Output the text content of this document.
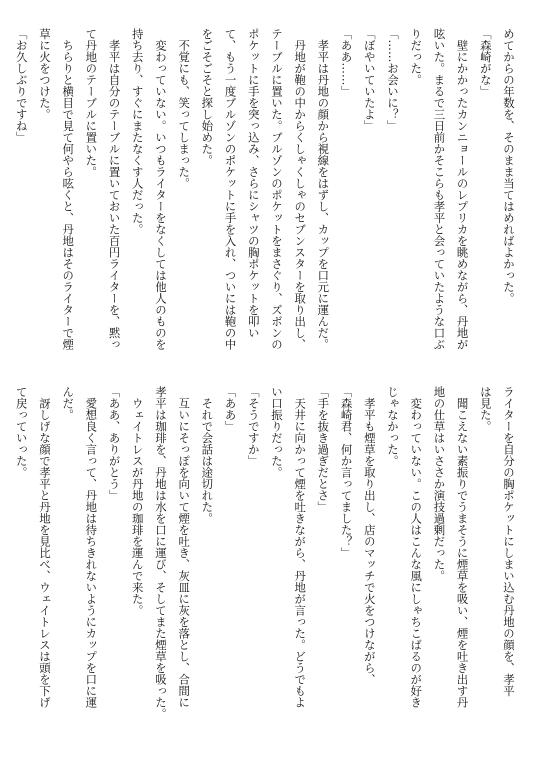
めてからの年数を、そのまま当てはめればよかった。
「森崎がな」
　壁にかかったカンニョールのレプリカを眺めながら、丹地が
呟いた。まるで三日前かそこらも孝平と会っていたような口ぶ
りだった。
「……お会いに？」
「ぼやいていたよ」
「ああ……」
　孝平は丹地の顔から視線をはずし、カップを口元に運んだ。
　丹地が鞄の中からくしゃくしゃのセブンスターを取り出し、
テーブルに置いた。ブルゾンのポケットをまさぐり、ズボンの
ポケットに手を突っ込み、さらにシャツの胸ポケットを叩い
て、もう一度ブルゾンのポケットに手を入れ、ついには鞄の中
をごそごそと探し始めた。
　不覚にも、笑ってしまった。
　変わっていない。いつもライターをなくしては他人のものを
持ち去り、すぐにまたなくす人だった。
　孝平は自分のテーブルに置いておいた百円ライターを、黙っ
て丹地のテーブルに置いた。
　ちらりと横目で見て何やら呟くと、丹地はそのライターで煙
草に火をつけた。
「お久しぶりですね」
ライターを自分の胸ポケットにしまい込む丹地の顔を、孝平
は見た。
　聞こえない素振りでうまそうに煙草を吸い、煙を吐き出す丹
地の仕草はいささか演技過剰だった。
　変わっていない。この人はこんな風にしゃちこばるのが好き
じゃなかった。
　孝平も煙草を取り出し、店のマッチで火をつけながら、
「森崎君、何か言ってました？」
「手を抜き過ぎだとさ」
　天井に向かって煙を吐きながら、丹地が言った。どうでもよ
い口振りだった。
「そうですか」
「ああ」
　それで会話は途切れた。
　互いにそっぽを向いて煙を吐き、灰皿に灰を落とし、合間に
孝平は珈琲を、丹地は水を口に運び、そしてまた煙草を吸った。
　ウェイトレスが丹地の珈琲を運んで来た。
「ああ、ありがとう」
　愛想良く言って、丹地は待ちきれないようにカップを口に運
んだ。
　訝しげな顔で孝平と丹地を見比べ、ウェイトレスは頭を下げ
て戻っていった。
